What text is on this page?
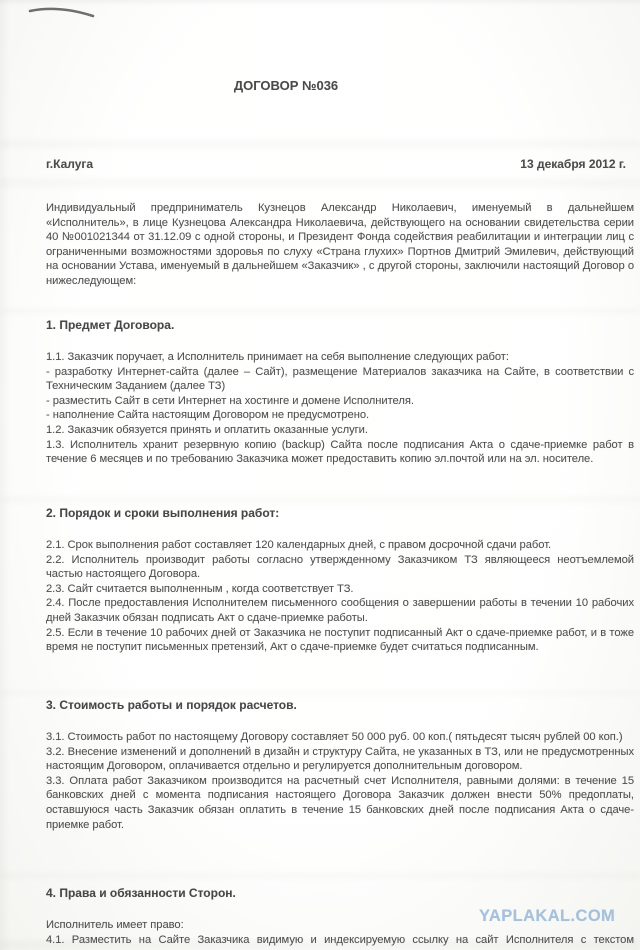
ДОГОВОР №036
г.Калуга	13 декабря 2012 г.
Индивидуальный предприниматель Кузнецов Александр Николаевич, именуемый в дальнейшем «Исполнитель», в лице Кузнецова Александра Николаевича, действующего на основании свидетельства серии 40 №001021344 от 31.12.09 с одной стороны, и Президент Фонда содействия реабилитации и интеграции лиц с ограниченными возможностями здоровья по слуху «Страна глухих» Портнов Дмитрий Эмилевич, действующий на основании Устава, именуемый в дальнейшем «Заказчик» , с другой стороны, заключили настоящий Договор о нижеследующем:
1. Предмет Договора.

1.1. Заказчик поручает, а Исполнитель принимает на себя выполнение следующих работ:

- разработку Интернет-сайта (далее – Сайт), размещение Материалов заказчика на Сайте, в соответствии с Техническим Заданием (далее ТЗ)

- разместить Сайт в сети Интернет на хостинге и домене Исполнителя.

- наполнение Сайта настоящим Договором не предусмотрено.

1.2. Заказчик обязуется принять и оплатить оказанные услуги.

1.3. Исполнитель хранит резервную копию (backup) Сайта после подписания Акта о сдаче-приемке работ в течение 6 месяцев и по требованию Заказчика может предоставить копию эл.почтой или на эл. носителе.

2. Порядок и сроки выполнения работ:

2.1. Срок выполнения работ составляет 120 календарных дней, с правом досрочной сдачи работ.

2.2. Исполнитель производит работы согласно утвержденному Заказчиком ТЗ являющееся неотъемлемой частью настоящего Договора.

2.3. Сайт считается выполненным , когда соответствует ТЗ.

2.4. После предоставления Исполнителем письменного сообщения о завершении работы в течении 10 рабочих дней Заказчик обязан подписать Акт о сдаче-приемке работы.

2.5. Если в течение 10 рабочих дней от Заказчика не поступит подписанный Акт о сдаче-приемке работ, и в тоже время не поступит письменных претензий, Акт о сдаче-приемке будет считаться подписанным.

3. Стоимость работы и порядок расчетов.

3.1. Стоимость работ по настоящему Договору составляет 50 000 руб. 00 коп.( пятьдесят тысяч рублей 00 коп.)

3.2. Внесение изменений и дополнений в дизайн и структуру Сайта, не указанных в ТЗ, или не предусмотренных настоящим Договором, оплачивается отдельно и регулируется дополнительным договором.

3.3. Оплата работ Заказчиком производится на расчетный счет Исполнителя, равными долями: в течение 15 банковских дней с момента подписания настоящего Договора Заказчик должен внести 50% предоплаты, оставшуюся часть Заказчик обязан оплатить в течение 15 банковских дней после подписания Акта о сдаче-приемке работ.

4. Права и обязанности Сторон.

Исполнитель имеет право:

4.1. Разместить на Сайте Заказчика видимую и индексируемую ссылку на сайт Исполнителя с текстом

YAPLAKAL.COM
